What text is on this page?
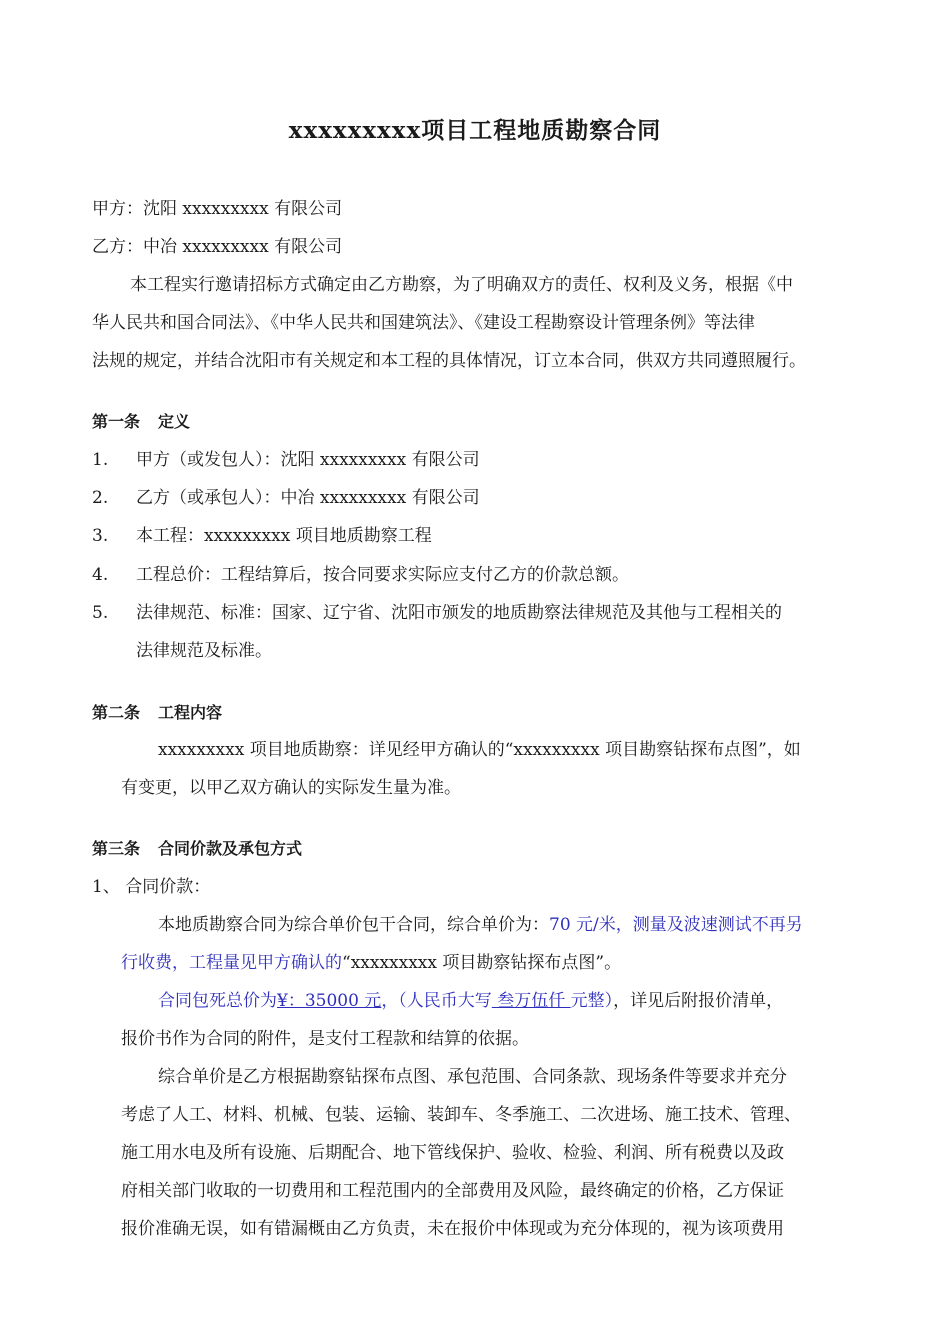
xxxxxxxxx项目工程地质勘察合同
甲方：沈阳 xxxxxxxxx 有限公司
乙方：中冶 xxxxxxxxx 有限公司
本工程实行邀请招标方式确定由乙方勘察，为了明确双方的责任、权利及义务，根据《中
华人民共和国合同法》、《中华人民共和国建筑法》、《建设工程勘察设计管理条例》等法律
法规的规定，并结合沈阳市有关规定和本工程的具体情况，订立本合同，供双方共同遵照履行。
第一条 定义
1. 甲方（或发包人）：沈阳 xxxxxxxxx 有限公司
2. 乙方（或承包人）：中冶 xxxxxxxxx 有限公司
3. 本工程：xxxxxxxxx 项目地质勘察工程
4. 工程总价：工程结算后，按合同要求实际应支付乙方的价款总额。
5. 法律规范、标准：国家、辽宁省、沈阳市颁发的地质勘察法律规范及其他与工程相关的
法律规范及标准。
第二条 工程内容
xxxxxxxxx 项目地质勘察：详见经甲方确认的“xxxxxxxxx 项目勘察钻探布点图”，如
有变更，以甲乙双方确认的实际发生量为准。
第三条 合同价款及承包方式
1、 合同价款：
本地质勘察合同为综合单价包干合同，综合单价为：70 元/米，测量及波速测试不再另
行收费，工程量见甲方确认的“xxxxxxxxx 项目勘察钻探布点图”。
合同包死总价为¥：35000 元，（人民币大写 叁万伍仟 元整），详见后附报价清单，
报价书作为合同的附件，是支付工程款和结算的依据。
综合单价是乙方根据勘察钻探布点图、承包范围、合同条款、现场条件等要求并充分
考虑了人工、材料、机械、包装、运输、装卸车、冬季施工、二次进场、施工技术、管理、
施工用水电及所有设施、后期配合、地下管线保护、验收、检验、利润、所有税费以及政
府相关部门收取的一切费用和工程范围内的全部费用及风险，最终确定的价格，乙方保证
报价准确无误，如有错漏概由乙方负责，未在报价中体现或为充分体现的，视为该项费用
